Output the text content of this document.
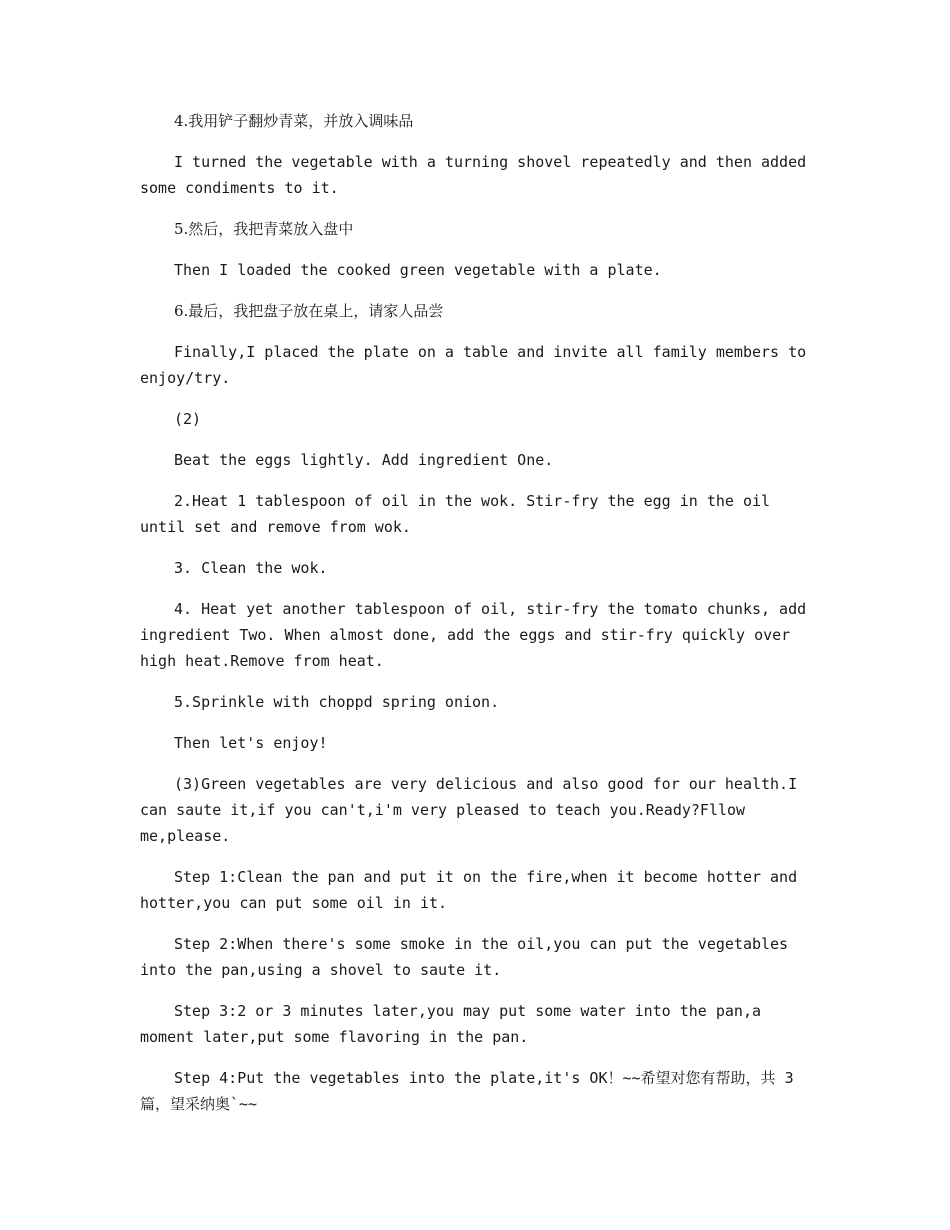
4.我用铲子翻炒青菜，并放入调味品

I turned the vegetable with a turning shovel repeatedly and then added some condiments to it.

5.然后，我把青菜放入盘中

Then I loaded the cooked green vegetable with a plate.

6.最后，我把盘子放在桌上，请家人品尝

Finally,I placed the plate on a table and invite all family members to enjoy/try.

(2)

Beat the eggs lightly. Add ingredient One.

2.Heat 1 tablespoon of oil in the wok. Stir-fry the egg in the oil until set and remove from wok.

3. Clean the wok.

4. Heat yet another tablespoon of oil, stir-fry the tomato chunks, add ingredient Two. When almost done, add the eggs and stir-fry quickly over high heat.Remove from heat.

5.Sprinkle with choppd spring onion.

Then let's enjoy!

(3)Green vegetables are very delicious and also good for our health.I can saute it,if you can't,i'm very pleased to teach you.Ready?Fllow me,please.

Step 1:Clean the pan and put it on the fire,when it become hotter and hotter,you can put some oil in it.

Step 2:When there's some smoke in the oil,you can put the vegetables into the pan,using a shovel to saute it.

Step 3:2 or 3 minutes later,you may put some water into the pan,a moment later,put some flavoring in the pan.

Step 4:Put the vegetables into the plate,it's OK！~~希望对您有帮助，共 3 篇，望采纳奥`~~
